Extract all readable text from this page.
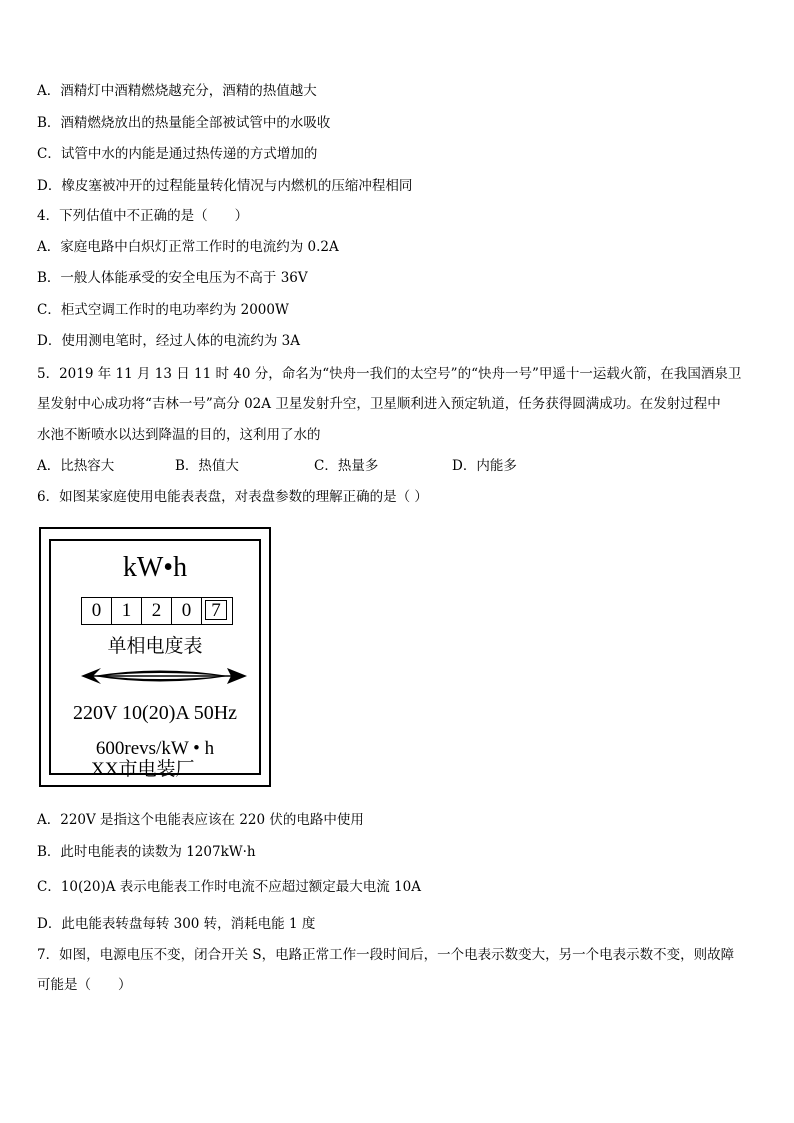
A．酒精灯中酒精燃烧越充分，酒精的热值越大
B．酒精燃烧放出的热量能全部被试管中的水吸收
C．试管中水的内能是通过热传递的方式增加的
D．橡皮塞被冲开的过程能量转化情况与内燃机的压缩冲程相同
4．下列估值中不正确的是（　　）
A．家庭电路中白炽灯正常工作时的电流约为 0.2A
B．一般人体能承受的安全电压为不高于 36V
C．柜式空调工作时的电功率约为 2000W
D．使用测电笔时，经过人体的电流约为 3A
5．2019 年 11 月 13 日 11 时 40 分，命名为“快舟一我们的太空号”的“快舟一号”甲遥十一运载火箭，在我国酒泉卫
星发射中心成功将“吉林一号”高分 02A 卫星发射升空，卫星顺利进入预定轨道，任务获得圆满成功。在发射过程中
水池不断喷水以达到降温的目的，这利用了水的
A．比热容大	B．热值大	C．热量多	D．内能多
6．如图某家庭使用电能表表盘，对表盘参数的理解正确的是（ ）
kW•h
0	1	2	0	7
单相电度表
220V 10(20)A 50Hz
600revs/kW • h
XX市电装厂
A．220V 是指这个电能表应该在 220 伏的电路中使用
B．此时电能表的读数为 1207kW·h
C．10(20)A 表示电能表工作时电流不应超过额定最大电流 10A
D．此电能表转盘每转 300 转，消耗电能 1 度
7．如图，电源电压不变，闭合开关 S，电路正常工作一段时间后，一个电表示数变大，另一个电表示数不变，则故障
可能是（　　）
